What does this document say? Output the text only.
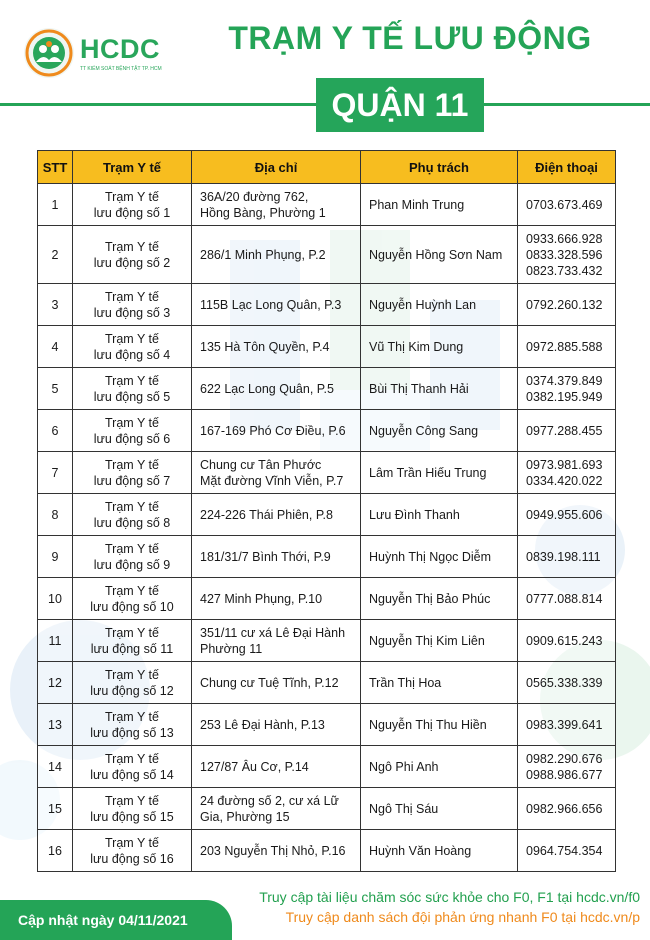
HCDC
TT KIỂM SOÁT BỆNH TẬT TP. HCM
TRẠM Y TẾ LƯU ĐỘNG
QUẬN 11
STT	Trạm Y tế	Địa chỉ	Phụ trách	Điện thoại
1	Trạm Y tế
lưu động số 1	36A/20 đường 762,
Hồng Bàng, Phường 1	Phan Minh Trung	0703.673.469

2	Trạm Y tế
lưu động số 2	286/1 Minh Phụng, P.2	Nguyễn Hồng Sơn Nam	0933.666.928
0833.328.596
0823.733.432

3	Trạm Y tế
lưu động số 3	115B Lạc Long Quân, P.3	Nguyễn Huỳnh Lan	0792.260.132

4	Trạm Y tế
lưu động số 4	135 Hà Tôn Quyền, P.4	Vũ Thị Kim Dung	0972.885.588

5	Trạm Y tế
lưu động số 5	622 Lạc Long Quân, P.5	Bùi Thị Thanh Hải	0374.379.849
0382.195.949

6	Trạm Y tế
lưu động số 6	167-169 Phó Cơ Điều, P.6	Nguyễn Công Sang	0977.288.455

7	Trạm Y tế
lưu động số 7	Chung cư Tân Phước
Mặt đường Vĩnh Viễn, P.7	Lâm Trần Hiếu Trung	0973.981.693
0334.420.022

8	Trạm Y tế
lưu động số 8	224-226 Thái Phiên, P.8	Lưu Đình Thanh	0949.955.606

9	Trạm Y tế
lưu động số 9	181/31/7 Bình Thới, P.9	Huỳnh Thị Ngọc Diễm	0839.198.111

10	Trạm Y tế
lưu động số 10	427 Minh Phụng, P.10	Nguyễn Thị Bảo Phúc	0777.088.814

11	Trạm Y tế
lưu động số 11	351/11 cư xá Lê Đại Hành
Phường 11	Nguyễn Thị Kim Liên	0909.615.243

12	Trạm Y tế
lưu động số 12	Chung cư Tuệ Tĩnh, P.12	Trần Thị Hoa	0565.338.339

13	Trạm Y tế
lưu động số 13	253 Lê Đại Hành, P.13	Nguyễn Thị Thu Hiền	0983.399.641

14	Trạm Y tế
lưu động số 14	127/87 Âu Cơ, P.14	Ngô Phi Anh	0982.290.676
0988.986.677

15	Trạm Y tế
lưu động số 15	24 đường số 2, cư xá Lữ
Gia, Phường 15	Ngô Thị Sáu	0982.966.656

16	Trạm Y tế
lưu động số 16	203 Nguyễn Thị Nhỏ, P.16	Huỳnh Văn Hoàng	0964.754.354
Truy cập tài liệu chăm sóc sức khỏe cho F0, F1 tại hcdc.vn/f0
Truy cập danh sách đội phản ứng nhanh F0 tại hcdc.vn/p
Cập nhật ngày 04/11/2021
